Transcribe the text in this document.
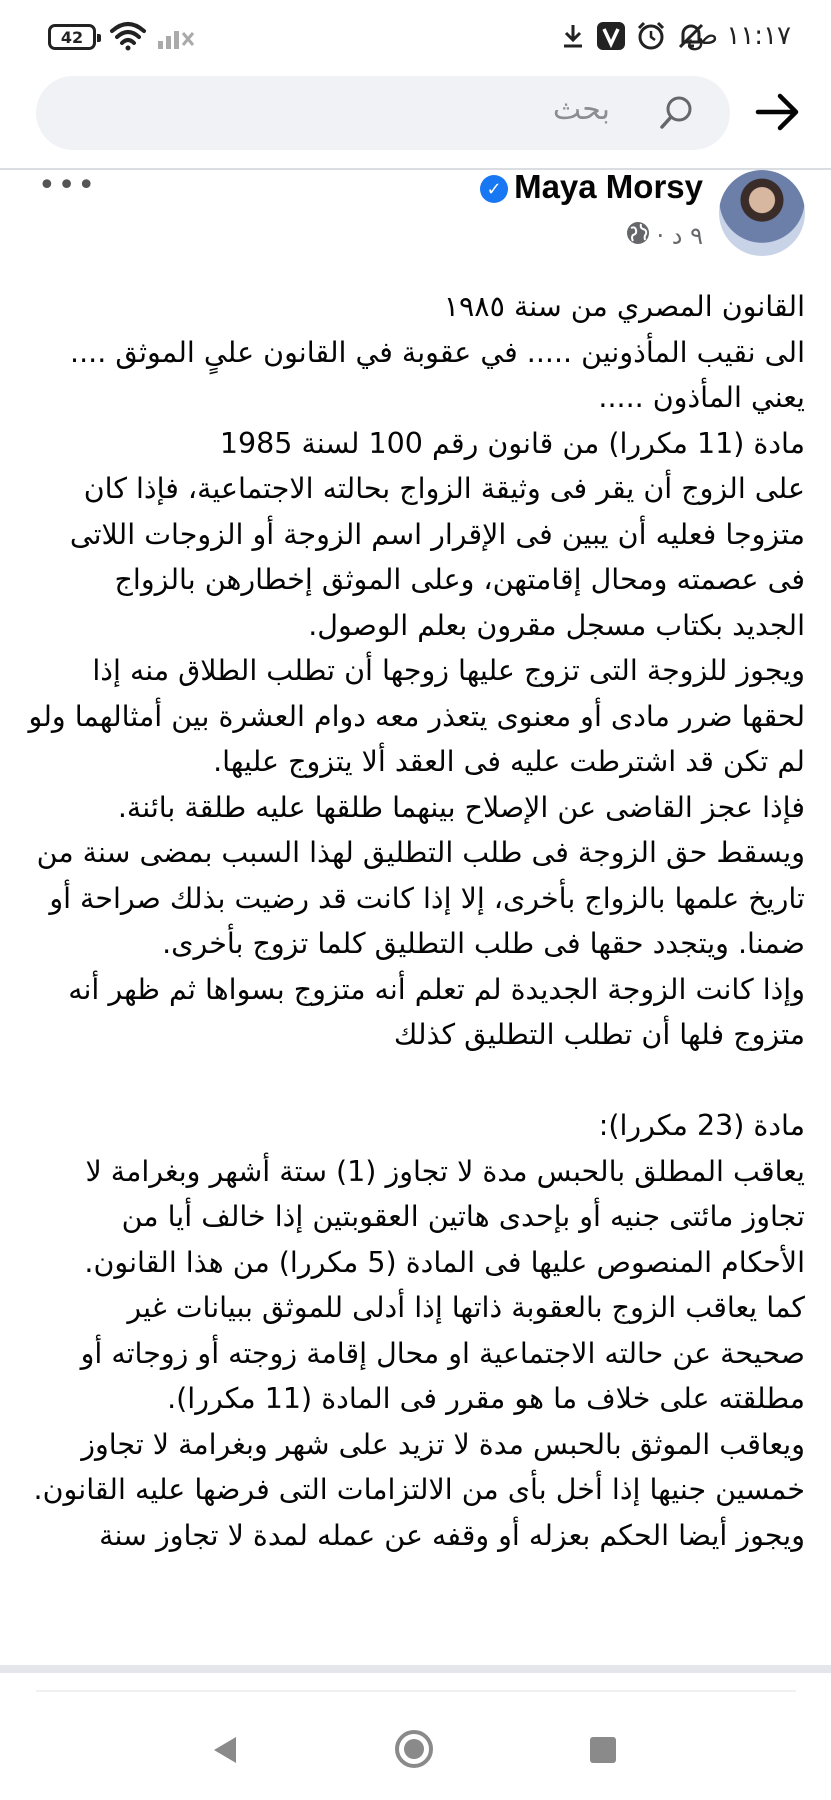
42	١١:١٧ ص
بحث
Maya Morsy
✓
•••
٩ د ·
القانون المصري من سنة ١٩٨٥
الى نقيب المأذونين ..... في عقوبة في القانون علىٍ الموثق ....
يعني المأذون .....
مادة (11 مكررا) من قانون رقم 100 لسنة 1985
على الزوج أن يقر فى وثيقة الزواج بحالته الاجتماعية، فإذا كان
متزوجا فعليه أن يبين فى الإقرار اسم الزوجة أو الزوجات اللاتى
فى عصمته ومحال إقامتهن، وعلى الموثق إخطارهن بالزواج
الجديد بكتاب مسجل مقرون بعلم الوصول.
ويجوز للزوجة التى تزوج عليها زوجها أن تطلب الطلاق منه إذا
لحقها ضرر مادى أو معنوى يتعذر معه دوام العشرة بين أمثالهما ولو
لم تكن قد اشترطت عليه فى العقد ألا يتزوج عليها.
فإذا عجز القاضى عن الإصلاح بينهما طلقها عليه طلقة بائنة.
ويسقط حق الزوجة فى طلب التطليق لهذا السبب بمضى سنة من
تاريخ علمها بالزواج بأخرى، إلا إذا كانت قد رضيت بذلك صراحة أو
ضمنا. ويتجدد حقها فى طلب التطليق كلما تزوج بأخرى.
وإذا كانت الزوجة الجديدة لم تعلم أنه متزوج بسواها ثم ظهر أنه
متزوج فلها أن تطلب التطليق كذلك
مادة (23 مكررا):
يعاقب المطلق بالحبس مدة لا تجاوز (1) ستة أشهر وبغرامة لا
تجاوز مائتى جنيه أو بإحدى هاتين العقوبتين إذا خالف أيا من
الأحكام المنصوص عليها فى المادة (5 مكررا) من هذا القانون.
كما يعاقب الزوج بالعقوبة ذاتها إذا أدلى للموثق ببيانات غير
صحيحة عن حالته الاجتماعية او محال إقامة زوجته أو زوجاته أو
مطلقته على خلاف ما هو مقرر فى المادة (11 مكررا).
ويعاقب الموثق بالحبس مدة لا تزيد على شهر وبغرامة لا تجاوز
خمسين جنيها إذا أخل بأى من الالتزامات التى فرضها عليه القانون.
ويجوز أيضا الحكم بعزله أو وقفه عن عمله لمدة لا تجاوز سنة
